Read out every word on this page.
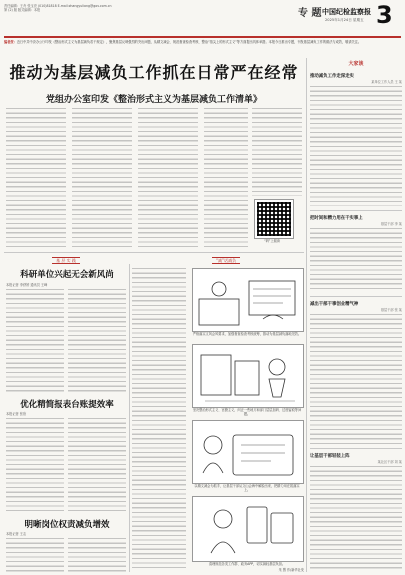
责任编辑：王舟 张玉亮 (010)81818 E-mail:zhangyuliang@gov.com.cn
第 (2) 版 版式编辑：本报	专 题 中国纪检监察报
2025年1月24日 星期五 3
编者按：近日中共中央办公厅印发《整治形式主义为基层减负若干规定》，聚焦基层反映强烈的突出问题，从精文减会、规范督查检查考核、整治“指尖上的形式主义”等方面提出具体举措。本报今日推出专题，刊发基层减负工作的做法与成效，敬请关注。
推动为基层减负工作抓在日常严在经常
党组办公室印发《整治形式主义为基层减负工作清单》
“码”上阅读
基 层 实 践	“减”话减负
科研单位兴起无会新风尚
本报记者 李舒婷 通讯员 王峰
优化精简报表台账提效率
本报记者 张欣
明晰岗位权责减负增效
本报记者 王志
严格落实文风会风要求，加强督查检查考核统筹，推动为基层减负落地见效。
坚决整治形式主义、官僚主义，纠正一些地方和部门层层加码、过度留痕等问题。
以精文减会为抓手，让基层干部从文山会海中解脱出来，把精力用在抓落实上。
清理规范各类工作群、政务APP，切实减轻基层负担。
朱 慧 作/新华社发
大家谈
推动减负工作走深走实
某单位工作人员 王 某
把时间和精力用在干实事上
基层干部 李 某
减出干部干事创业精气神
基层干部 张 某
让基层干部轻装上阵
某社区干部 刘 某
